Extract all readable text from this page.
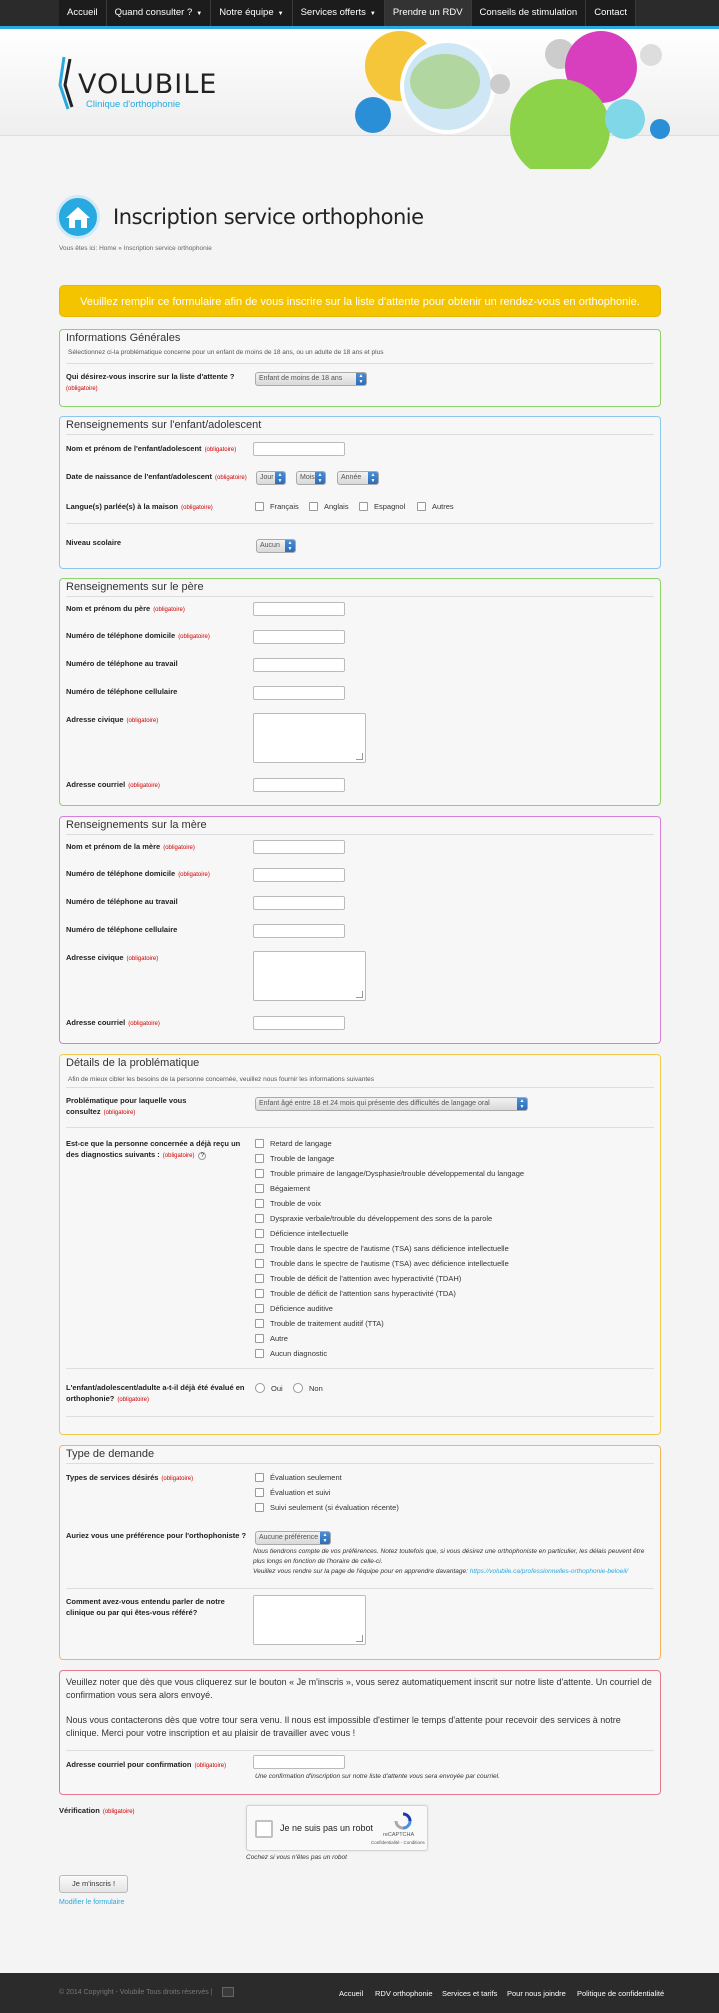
Accueil	Quand consulter ? ▼	Notre équipe ▼	Services offerts ▼	Prendre un RDV	Conseils de stimulation	Contact
VOLUBILE
Clinique d'orthophonie
Inscription service orthophonie
Vous êtes ici: Home » Inscription service orthophonie
Veuillez remplir ce formulaire afin de vous inscrire sur la liste d'attente pour obtenir un rendez-vous en orthophonie.
Informations Générales
Sélectionnez ci-la problématique concerne pour un enfant de moins de 18 ans, ou un adulte de 18 ans et plus
Qui désirez-vous inscrire sur la liste d'attente ?
(obligatoire)
Enfant de moins de 18 ans	▲
▼
Renseignements sur l'enfant/adolescent
Nom et prénom de l'enfant/adolescent (obligatoire)
Date de naissance de l'enfant/adolescent (obligatoire)	Jour ▲
▼	Mois ▲
▼	Année	▲
▼
Langue(s) parlée(s) à la maison (obligatoire)	Français	Anglais	Espagnol	Autres
Niveau scolaire	Aucun	▲
▼
Renseignements sur le père
Nom et prénom du père (obligatoire)
Numéro de téléphone domicile (obligatoire)
Numéro de téléphone au travail
Numéro de téléphone cellulaire
Adresse civique (obligatoire)
Adresse courriel (obligatoire)
Renseignements sur la mère
Nom et prénom de la mère (obligatoire)
Numéro de téléphone domicile (obligatoire)
Numéro de téléphone au travail
Numéro de téléphone cellulaire
Adresse civique (obligatoire)
Adresse courriel (obligatoire)
Détails de la problématique
Afin de mieux cibler les besoins de la personne concernée, veuillez nous fournir les informations suivantes
Problématique pour laquelle vous consultez (obligatoire)
Enfant âgé entre 18 et 24 mois qui présente des difficultés de langage oral	▲
▼
Est-ce que la personne concernée a déjà reçu un des diagnostics suivants : (obligatoire) ?
Retard de langage
Trouble de langage
Trouble primaire de langage/Dysphasie/trouble développemental du langage
Bégaiement
Trouble de voix
Dyspraxie verbale/trouble du développement des sons de la parole
Déficience intellectuelle
Trouble dans le spectre de l'autisme (TSA) sans déficience intellectuelle
Trouble dans le spectre de l'autisme (TSA) avec déficience intellectuelle
Trouble de déficit de l'attention avec hyperactivité (TDAH)
Trouble de déficit de l'attention sans hyperactivité (TDA)
Déficience auditive
Trouble de traitement auditif (TTA)
Autre
Aucun diagnostic
L'enfant/adolescent/adulte a-t-il déjà été évalué en orthophonie? (obligatoire)
Oui	Non
Type de demande
Types de services désirés (obligatoire)	Évaluation seulement
Évaluation et suivi
Suivi seulement (si évaluation récente)
Auriez vous une préférence pour l'orthophoniste ?	Aucune préférence ▲
▼
Nous tiendrons compte de vos préférences. Notez toutefois que, si vous désirez une orthophoniste en particulier, les délais peuvent être plus longs en fonction de l'horaire de celle-ci.
Veuillez vous rendre sur la page de l'équipe pour en apprendre davantage: https://volubile.ca/professionnelles-orthophonie-beloeil/
Comment avez-vous entendu parler de notre clinique ou par qui êtes-vous référé?
Veuillez noter que dès que vous cliquerez sur le bouton « Je m'inscris », vous serez automatiquement inscrit sur notre liste d'attente. Un courriel de confirmation vous sera alors envoyé.
Nous vous contacterons dès que votre tour sera venu. Il nous est impossible d'estimer le temps d'attente pour recevoir des services à notre clinique. Merci pour votre inscription et au plaisir de travailler avec vous !
Adresse courriel pour confirmation (obligatoire)
Une confirmation d'inscription sur notre liste d'attente vous sera envoyée par courriel.
Vérification (obligatoire)
Je ne suis pas un robot
reCAPTCHA
Confidentialité - Conditions
Cochez si vous n'êtes pas un robot
Je m'inscris !
Modifier le formulaire
© 2014 Copyright - Volubile Tous droits réservés |	Accueil RDV orthophonie Services et tarifs Pour nous joindre Politique de confidentialité
